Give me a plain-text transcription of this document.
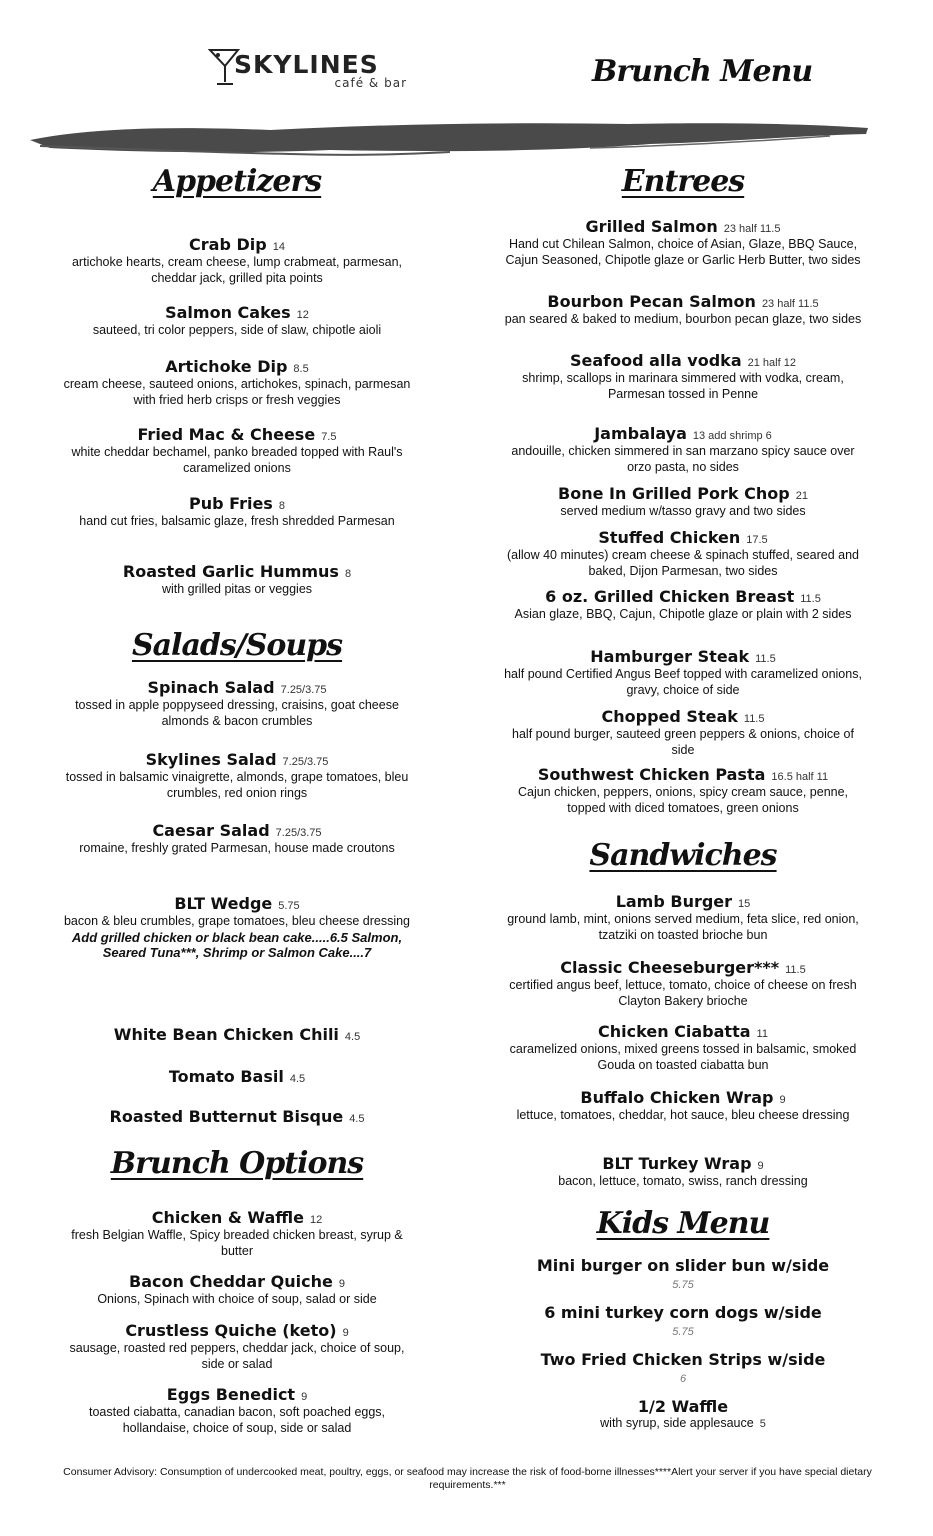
SKYLINES
café & bar	Brunch Menu
Appetizers
Crab Dip 14
artichoke hearts, cream cheese, lump crabmeat, parmesan, cheddar jack, grilled pita points
Salmon Cakes 12
sauteed, tri color peppers, side of slaw, chipotle aioli
Artichoke Dip 8.5
cream cheese, sauteed onions, artichokes, spinach, parmesan with fried herb crisps or fresh veggies
Fried Mac & Cheese 7.5
white cheddar bechamel, panko breaded topped with Raul's caramelized onions
Pub Fries 8
hand cut fries, balsamic glaze, fresh shredded Parmesan
Roasted Garlic Hummus 8
with grilled pitas or veggies
Salads/Soups
Spinach Salad 7.25/3.75
tossed in apple poppyseed dressing, craisins, goat cheese almonds & bacon crumbles
Skylines Salad 7.25/3.75
tossed in balsamic vinaigrette, almonds, grape tomatoes, bleu crumbles, red onion rings
Caesar Salad 7.25/3.75
romaine, freshly grated Parmesan, house made croutons
BLT Wedge 5.75
bacon & bleu crumbles, grape tomatoes, bleu cheese dressing
Add grilled chicken or black bean cake.....6.5 Salmon, Seared Tuna***, Shrimp or Salmon Cake....7
White Bean Chicken Chili 4.5
Tomato Basil 4.5
Roasted Butternut Bisque 4.5
Brunch Options
Chicken & Waffle 12
fresh Belgian Waffle, Spicy breaded chicken breast, syrup & butter
Bacon Cheddar Quiche 9
Onions, Spinach with choice of soup, salad or side
Crustless Quiche (keto) 9
sausage, roasted red peppers, cheddar jack, choice of soup, side or salad
Eggs Benedict 9
toasted ciabatta, canadian bacon, soft poached eggs, hollandaise, choice of soup, side or salad
Entrees
Grilled Salmon 23 half 11.5
Hand cut Chilean Salmon, choice of Asian, Glaze, BBQ Sauce, Cajun Seasoned, Chipotle glaze or Garlic Herb Butter, two sides
Bourbon Pecan Salmon 23 half 11.5
pan seared & baked to medium, bourbon pecan glaze, two sides
Seafood alla vodka 21 half 12
shrimp, scallops in marinara simmered with vodka, cream, Parmesan tossed in Penne
Jambalaya 13 add shrimp 6
andouille, chicken simmered in san marzano spicy sauce over orzo pasta, no sides
Bone In Grilled Pork Chop 21
served medium w/tasso gravy and two sides
Stuffed Chicken 17.5
(allow 40 minutes) cream cheese & spinach stuffed, seared and baked, Dijon Parmesan, two sides
6 oz. Grilled Chicken Breast 11.5
Asian glaze, BBQ, Cajun, Chipotle glaze or plain with 2 sides
Hamburger Steak 11.5
half pound Certified Angus Beef topped with caramelized onions, gravy, choice of side
Chopped Steak 11.5
half pound burger, sauteed green peppers & onions, choice of side
Southwest Chicken Pasta 16.5 half 11
Cajun chicken, peppers, onions, spicy cream sauce, penne, topped with diced tomatoes, green onions
Sandwiches
Lamb Burger 15
ground lamb, mint, onions served medium, feta slice, red onion, tzatziki on toasted brioche bun
Classic Cheeseburger*** 11.5
certified angus beef, lettuce, tomato, choice of cheese on fresh Clayton Bakery brioche
Chicken Ciabatta 11
caramelized onions, mixed greens tossed in balsamic, smoked Gouda on toasted ciabatta bun
Buffalo Chicken Wrap 9
lettuce, tomatoes, cheddar, hot sauce, bleu cheese dressing
BLT Turkey Wrap 9
bacon, lettuce, tomato, swiss, ranch dressing
Kids Menu
Mini burger on slider bun w/side
5.75
6 mini turkey corn dogs w/side
5.75
Two Fried Chicken Strips w/side
6
1/2 Waffle
with syrup, side applesauce 5
Consumer Advisory: Consumption of undercooked meat, poultry, eggs, or seafood may increase the risk of food-borne illnesses****Alert your server if you have special dietary requirements.***
